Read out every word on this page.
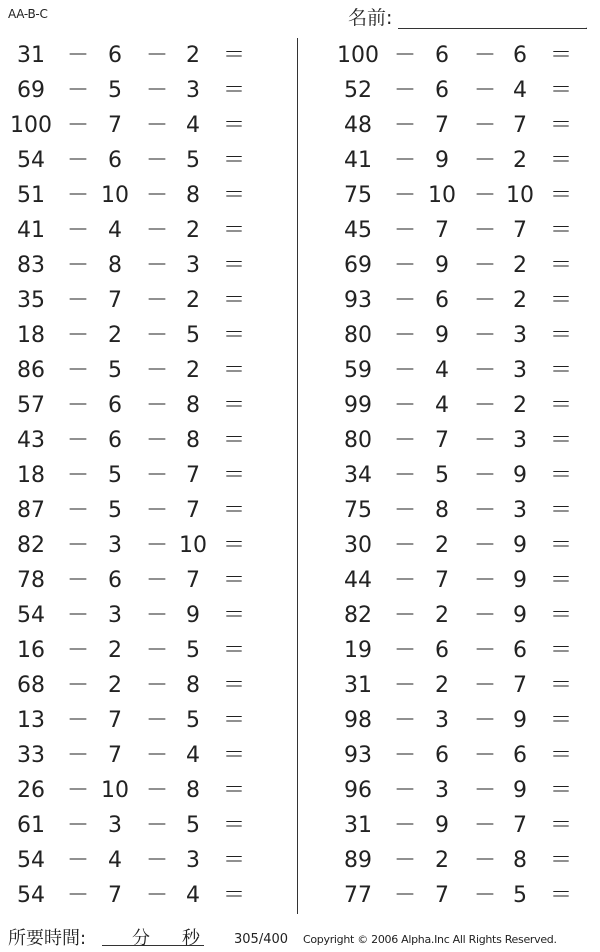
AA-B-C	名前:	.
31	－ 6	－ 2	＝
69	－ 5	－ 3	＝
100 － 7	－ 4	＝
54	－ 6	－ 5	＝
51	－ 10 － 8	＝
41	－ 4	－ 2	＝
83	－ 8	－ 3	＝
35	－ 7	－ 2	＝
18	－ 2	－ 5	＝
86	－ 5	－ 2	＝
57	－ 6	－ 8	＝
43	－ 6	－ 8	＝
18	－ 5	－ 7	＝
87	－ 5	－ 7	＝
82	－ 3	－ 10 ＝
78	－ 6	－ 7	＝
54	－ 3	－ 9	＝
16	－ 2	－ 5	＝
68	－ 2	－ 8	＝
13	－ 7	－ 5	＝
33	－ 7	－ 4	＝
26	－ 10 － 8	＝
61	－ 3	－ 5	＝
54	－ 4	－ 3	＝
54	－ 7	－ 4	＝
100 － 6	－ 6	＝
52	－ 6	－ 4	＝
48	－ 7	－ 7	＝
41	－ 9	－ 2	＝
75	－ 10 － 10 ＝
45	－ 7	－ 7	＝
69	－ 9	－ 2	＝
93	－ 6	－ 2	＝
80	－ 9	－ 3	＝
59	－ 4	－ 3	＝
99	－ 4	－ 2	＝
80	－ 7	－ 3	＝
34	－ 5	－ 9	＝
75	－ 8	－ 3	＝
30	－ 2	－ 9	＝
44	－ 7	－ 9	＝
82	－ 2	－ 9	＝
19	－ 6	－ 6	＝
31	－ 2	－ 7	＝
98	－ 3	－ 9	＝
93	－ 6	－ 6	＝
96	－ 3	－ 9	＝
31	－ 9	－ 7	＝
89	－ 2	－ 8	＝
77	－ 7	－ 5	＝
所要時間:	分 秒	305/400 Copyright © 2006 Alpha.Inc All Rights Reserved.
